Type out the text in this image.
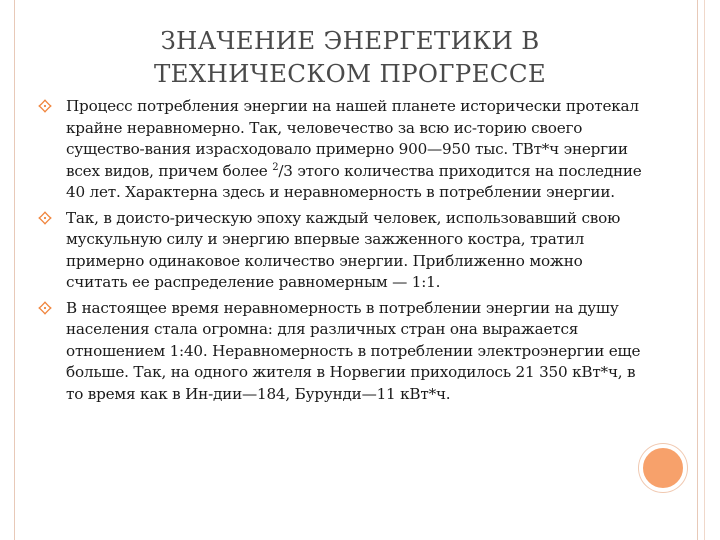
ЗНАЧЕНИЕ ЭНЕРГЕТИКИ В
ТЕХНИЧЕСКОМ ПРОГРЕССЕ

Процесс потребления энергии на нашей планете исторически протекал крайне неравномерно. Так, человечество за всю ис-торию своего существо-вания израсходовало примерно 900—950 тыс. ТВт*ч энергии всех видов, причем более $^2$/3 этого количества приходится на последние 40 лет. Характерна здесь и неравномерность в потреблении энергии.

Так, в доисто-рическую эпоху каждый человек, использовавший свою мускульную силу и энергию впервые зажженного костра, тратил примерно одинаковое количество энергии. Приближенно можно считать ее распределение равномерным — 1:1.

В настоящее время неравномерность в потреблении энергии на душу населения стала огромна: для различных стран она выражается отношением 1:40. Неравномерность в потреблении электроэнергии еще больше. Так, на одного жителя в Норвегии приходилось 21 350 кВт*ч, в то время как в Ин-дии—184, Бурунди—11 кВт*ч.
